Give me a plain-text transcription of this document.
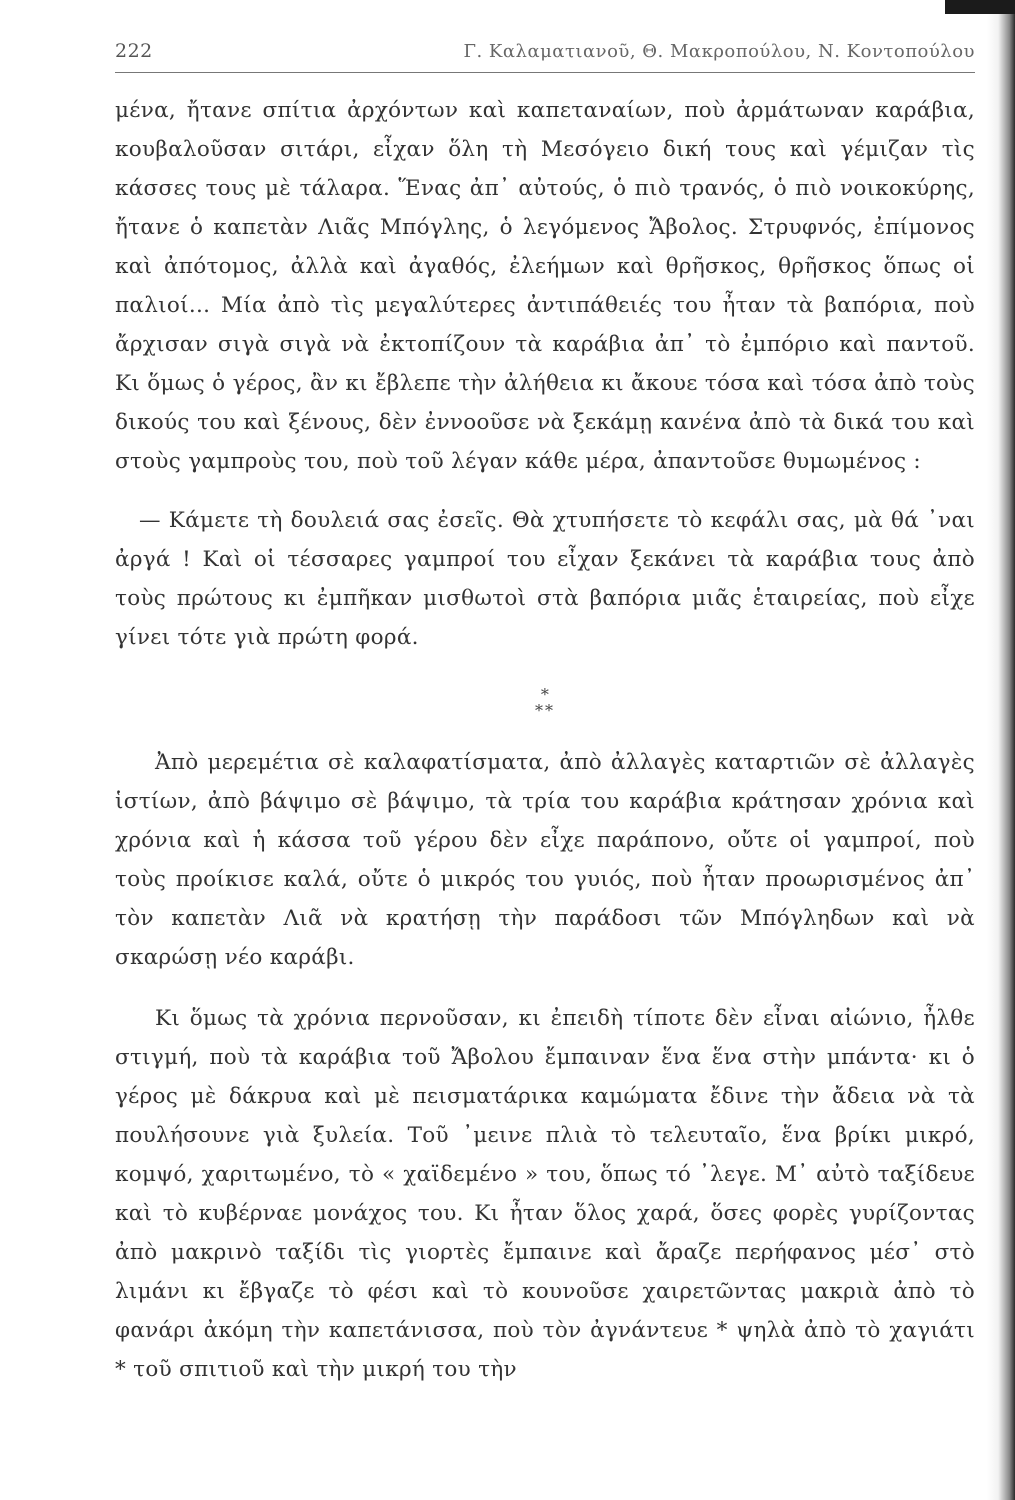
222	Γ. Καλαματιανοῦ, Θ. Μακροπούλου, Ν. Κοντοπούλου

μένα, ἤτανε σπίτια ἀρχόντων καὶ καπεταναίων, ποὺ ἀρμάτωναν καράβια, κουβαλοῦσαν σιτάρι, εἶχαν ὅλη τὴ Μεσόγειο δική τους καὶ γέμιζαν τὶς κάσσες τους μὲ τάλαρα. Ἕνας ἀπ᾽ αὐτούς, ὁ πιὸ τρανός, ὁ πιὸ νοικοκύρης, ἤτανε ὁ καπετὰν Λιᾶς Μπόγλης, ὁ λεγόμενος Ἄβολος. Στρυφνός, ἐπίμονος καὶ ἀπότομος, ἀλλὰ καὶ ἀγαθός, ἐλεήμων καὶ θρῆσκος, θρῆσκος ὅπως οἱ παλιοί... Μία ἀπὸ τὶς μεγαλύτερες ἀντιπάθειές του ἦταν τὰ βαπόρια, ποὺ ἄρχισαν σιγὰ σιγὰ νὰ ἐκτοπίζουν τὰ καράβια ἀπ᾽ τὸ ἐμπόριο καὶ παντοῦ. Κι ὅμως ὁ γέρος, ἂν κι ἔβλεπε τὴν ἀλήθεια κι ἄκουε τόσα καὶ τόσα ἀπὸ τοὺς δικούς του καὶ ξένους, δὲν ἐννοοῦσε νὰ ξεκάμῃ κανένα ἀπὸ τὰ δικά του καὶ στοὺς γαμπροὺς του, ποὺ τοῦ λέγαν κάθε μέρα, ἀπαντοῦσε θυμωμένος :

— Κάμετε τὴ δουλειά σας ἐσεῖς. Θὰ χτυπήσετε τὸ κεφάλι σας, μὰ θά ᾽ναι ἀργά ! Καὶ οἱ τέσσαρες γαμπροί του εἶχαν ξεκάνει τὰ καράβια τους ἀπὸ τοὺς πρώτους κι ἐμπῆκαν μισθωτοὶ στὰ βαπόρια μιᾶς ἑταιρείας, ποὺ εἶχε γίνει τότε γιὰ πρώτη φορά.

*
**

Ἀπὸ μερεμέτια σὲ καλαφατίσματα, ἀπὸ ἀλλαγὲς καταρτιῶν σὲ ἀλλαγὲς ἱστίων, ἀπὸ βάψιμο σὲ βάψιμο, τὰ τρία του καράβια κράτησαν χρόνια καὶ χρόνια καὶ ἡ κάσσα τοῦ γέρου δὲν εἶχε παράπονο, οὔτε οἱ γαμπροί, ποὺ τοὺς προίκισε καλά, οὔτε ὁ μικρός του γυιός, ποὺ ἦταν προωρισμένος ἀπ᾽ τὸν καπετὰν Λιᾶ νὰ κρατήσῃ τὴν παράδοσι τῶν Μπόγληδων καὶ νὰ σκαρώσῃ νέο καράβι.

Κι ὅμως τὰ χρόνια περνοῦσαν, κι ἐπειδὴ τίποτε δὲν εἶναι αἰώνιο, ἦλθε στιγμή, ποὺ τὰ καράβια τοῦ Ἄβολου ἔμπαιναν ἕνα ἕνα στὴν μπάντα· κι ὁ γέρος μὲ δάκρυα καὶ μὲ πεισματάρικα καμώματα ἔδινε τὴν ἄδεια νὰ τὰ πουλήσουνε γιὰ ξυλεία. Τοῦ ᾽μεινε πλιὰ τὸ τελευταῖο, ἕνα βρίκι μικρό, κομψό, χαριτωμένο, τὸ « χαϊδεμένο » του, ὅπως τό ᾽λεγε. Μ᾽ αὐτὸ ταξίδευε καὶ τὸ κυβέρναε μονάχος του. Κι ἦταν ὅλος χαρά, ὅσες φορὲς γυρίζοντας ἀπὸ μακρινὸ ταξίδι τὶς γιορτὲς ἔμπαινε καὶ ἄραζε περήφανος μέσ᾽ στὸ λιμάνι κι ἔβγαζε τὸ φέσι καὶ τὸ κουνοῦσε χαιρετῶντας μακριὰ ἀπὸ τὸ φανάρι ἀκόμη τὴν καπετάνισσα, ποὺ τὸν ἀγνάντευε * ψηλὰ ἀπὸ τὸ χαγιάτι * τοῦ σπιτιοῦ καὶ τὴν μικρή του τὴν
